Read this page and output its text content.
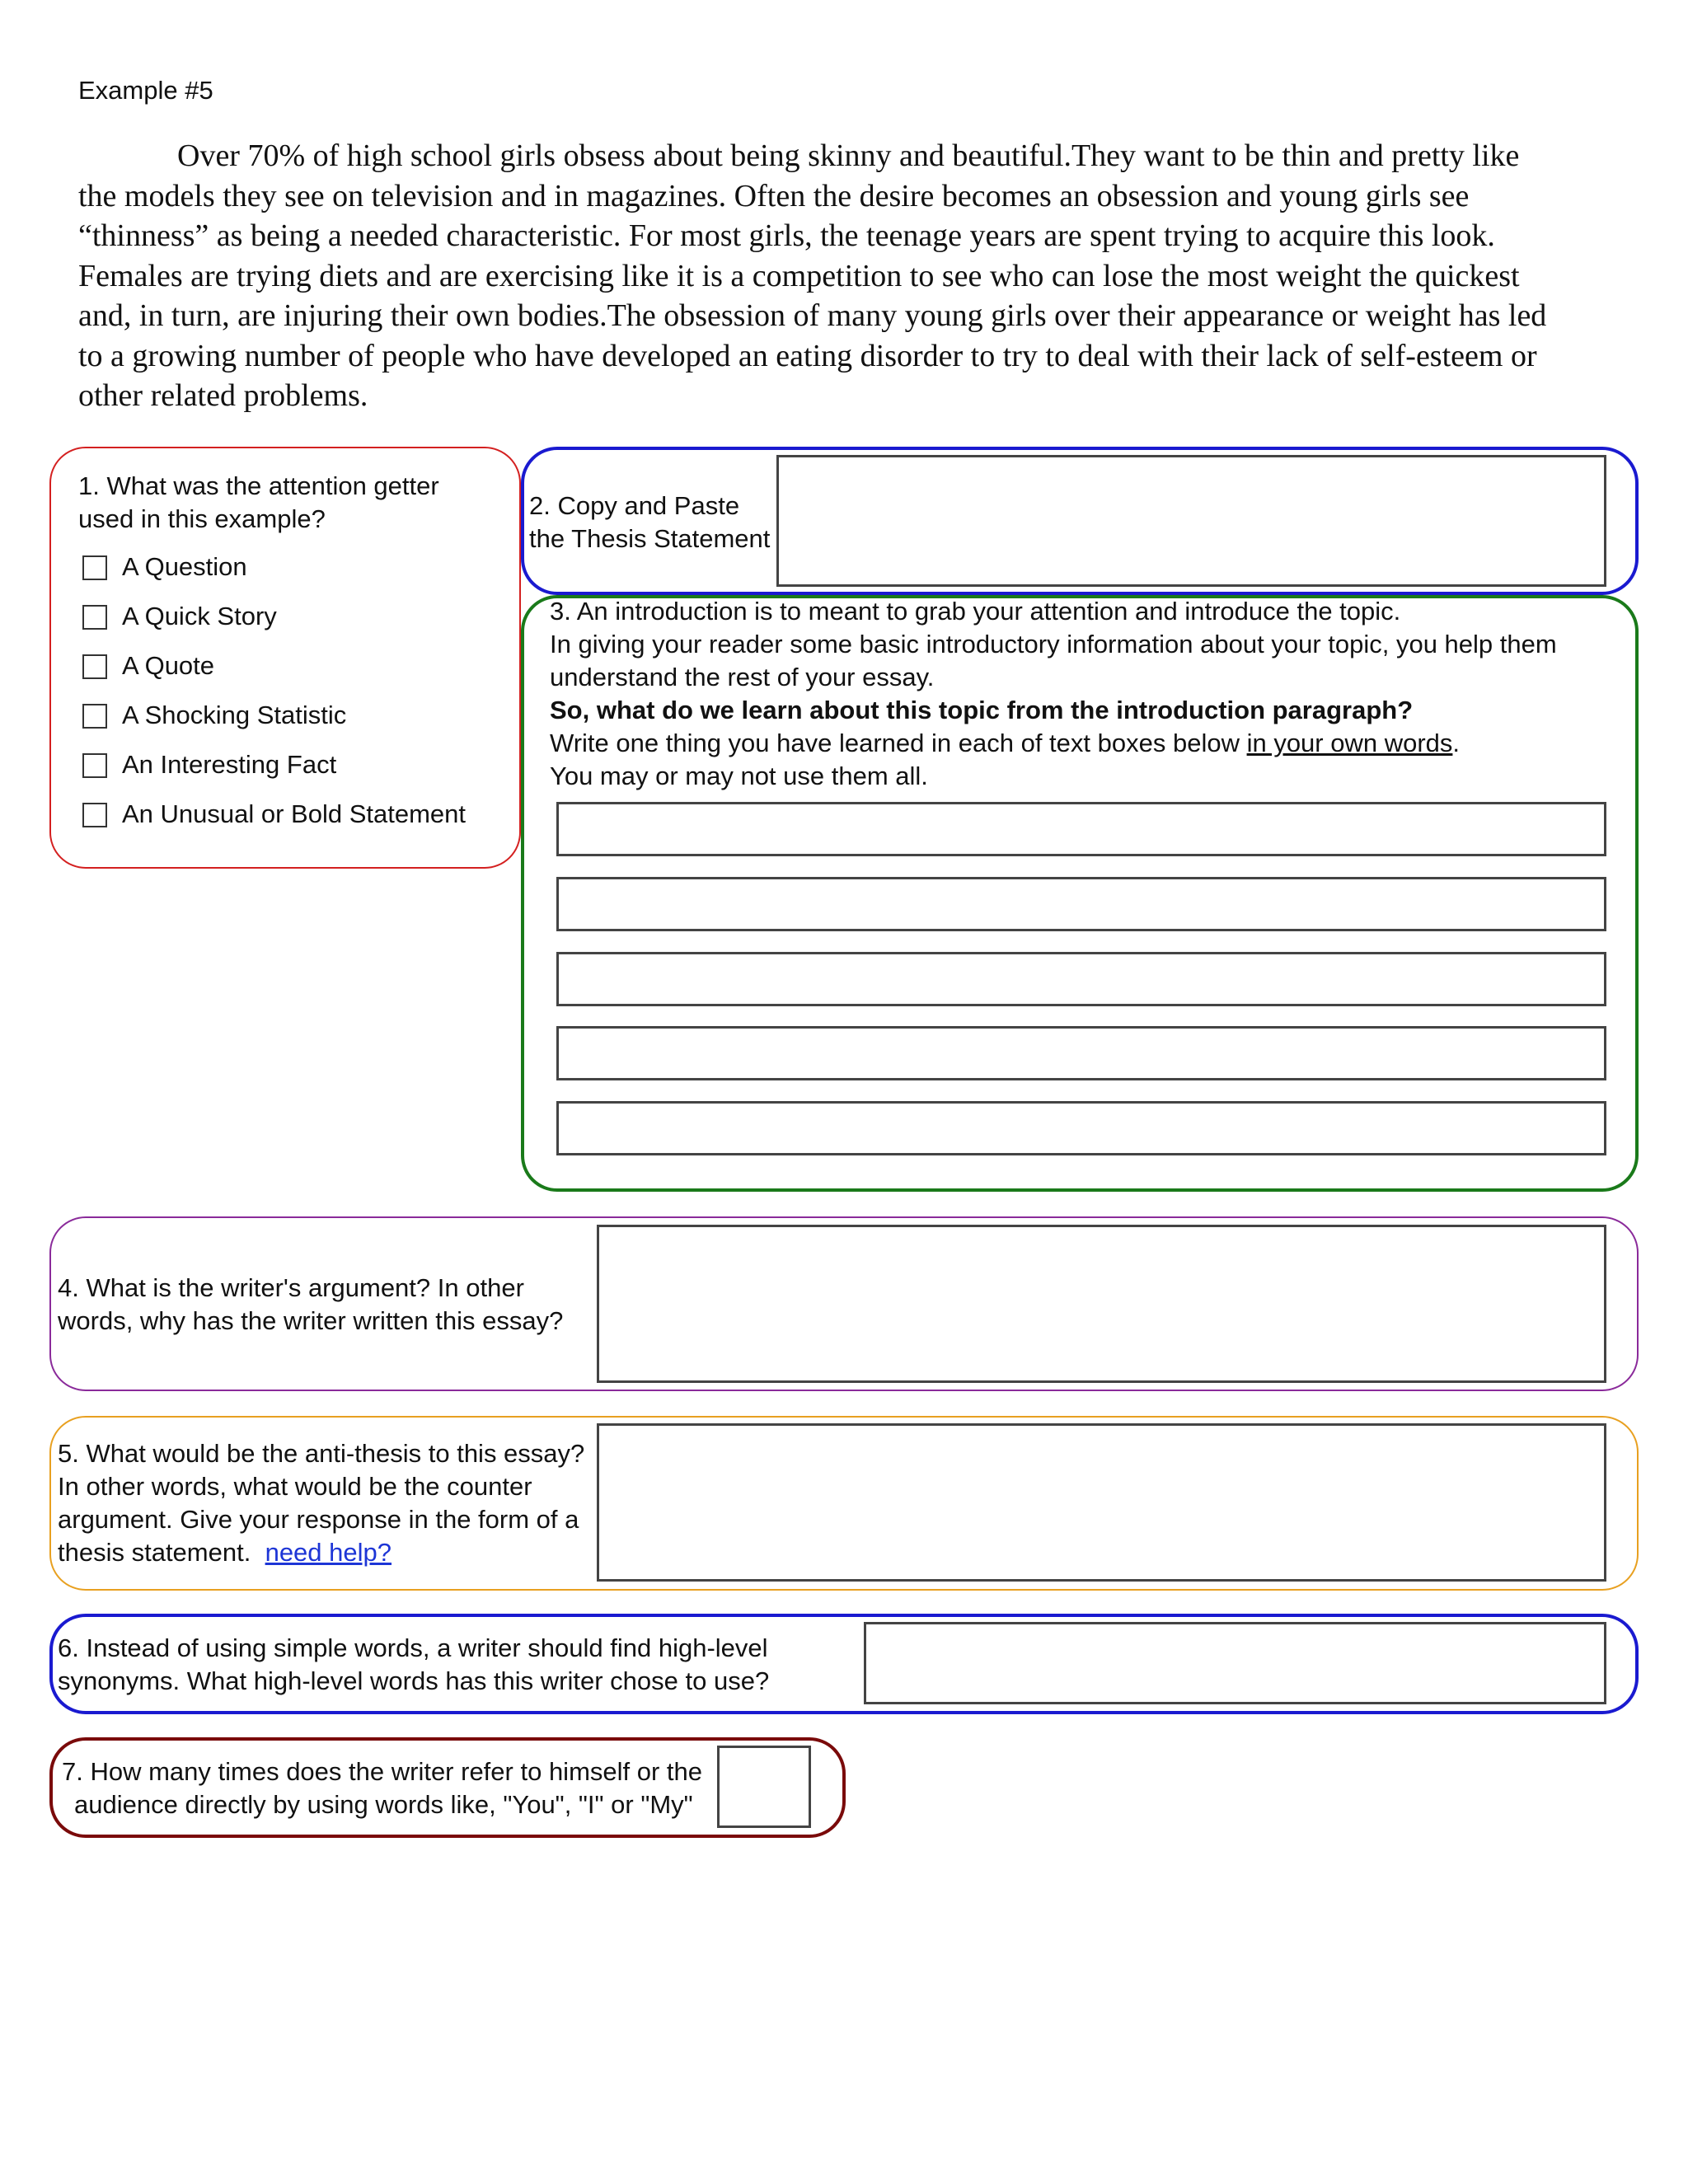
Example #5
Over 70% of high school girls obsess about being skinny and beautiful.They want to be thin and pretty like
the models they see on television and in magazines. Often the desire becomes an obsession and young girls see
“thinness” as being a needed characteristic. For most girls, the teenage years are spent trying to acquire this look.
Females are trying diets and are exercising like it is a competition to see who can lose the most weight the quickest
and, in turn, are injuring their own bodies.The obsession of many young girls over their appearance or weight has led
to a growing number of people who have developed an eating disorder to try to deal with their lack of self-esteem or
other related problems.
1. What was the attention getter
used in this example?
A Question
A Quick Story
A Quote
A Shocking Statistic
An Interesting Fact
An Unusual or Bold Statement
2. Copy and Paste
the Thesis Statement
3. An introduction is to meant to grab your attention and introduce the topic.
In giving your reader some basic introductory information about your topic, you help them
understand the rest of your essay.
So, what do we learn about this topic from the introduction paragraph?
Write one thing you have learned in each of text boxes below in your own words.
You may or may not use them all.
4. What is the writer's argument? In other
words, why has the writer written this essay?
5. What would be the anti-thesis to this essay?
In other words, what would be the counter
argument. Give your response in the form of a
thesis statement. need help?
6. Instead of using simple words, a writer should find high-level
synonyms. What high-level words has this writer chose to use?
7. How many times does the writer refer to himself or the
audience directly by using words like, "You", "I" or "My"
